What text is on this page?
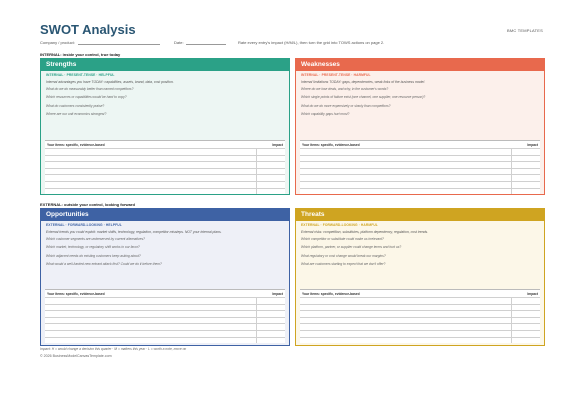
SWOT Analysis	BMC TEMPLATES
Company / product:	Date:	Rate every entry's impact (H/M/L), then turn the grid into TOWS actions on page 2.
INTERNAL: inside your control, true today
Strengths
INTERNAL · PRESENT-TENSE · HELPFUL
Internal advantages you have TODAY: capabilities, assets, brand, data, cost position.
What do we do measurably better than named competitors?
Which resources or capabilities would be hard to copy?
What do customers consistently praise?
Where are our unit economics strongest?
Your items: specific, evidence-based	Impact
Weaknesses
INTERNAL · PRESENT-TENSE · HARMFUL
Internal limitations TODAY: gaps, dependencies, weak links of the business model.
Where do we lose deals, and why, in the customer's words?
Which single points of failure exist (one channel, one supplier, one resource person)?
What do we do more expensively or slowly than competitors?
Which capability gaps hurt most?
Your items: specific, evidence-based	Impact
EXTERNAL: outside your control, looking forward
Opportunities
EXTERNAL · FORWARD-LOOKING · HELPFUL
External trends you could exploit: market shifts, technology, regulation, competitor missteps. NOT your internal plans.
Which customer segments are underserved by current alternatives?
Which market, technology, or regulatory shift works in our favor?
Which adjacent needs do existing customers keep asking about?
What would a well-funded new entrant attack first? Could we do it before them?
Your items: specific, evidence-based	Impact
Threats
EXTERNAL · FORWARD-LOOKING · HARMFUL
External risks: competition, substitutes, platform dependency, regulation, cost trends.
Which competitor or substitute could make us irrelevant?
Which platform, partner, or supplier could change terms and hurt us?
What regulatory or cost change would break our margins?
What are customers starting to expect that we don't offer?
Your items: specific, evidence-based	Impact
Impact: H = would change a decision this quarter · M = matters this year · L = worth a note, move on
© 2026 BusinessModelCanvasTemplate.com
